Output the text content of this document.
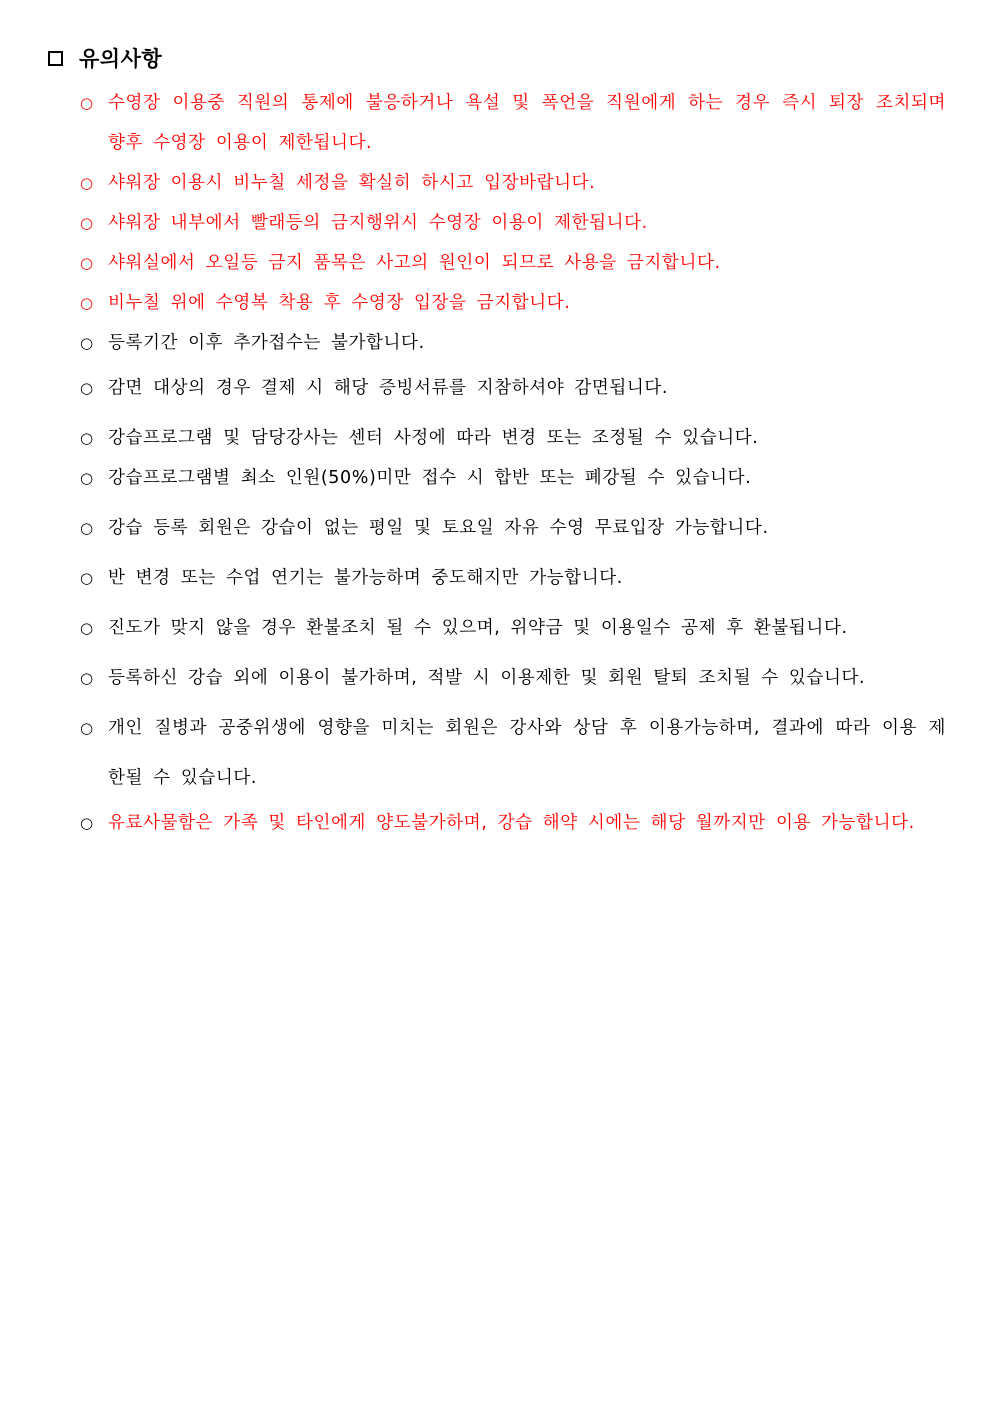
유의사항
○ 수영장 이용중 직원의 통제에 불응하거나 욕설 및 폭언을 직원에게 하는 경우 즉시 퇴장 조치되며 향후 수영장 이용이 제한됩니다.
○ 샤워장 이용시 비누칠 세정을 확실히 하시고 입장바랍니다.
○ 샤워장 내부에서 빨래등의 금지행위시 수영장 이용이 제한됩니다.
○ 샤워실에서 오일등 금지 품목은 사고의 원인이 되므로 사용을 금지합니다.
○ 비누칠 위에 수영복 착용 후 수영장 입장을 금지합니다.
○ 등록기간 이후 추가접수는 불가합니다.
○ 감면 대상의 경우 결제 시 해당 증빙서류를 지참하셔야 감면됩니다.
○ 강습프로그램 및 담당강사는 센터 사정에 따라 변경 또는 조정될 수 있습니다.
○ 강습프로그램별 최소 인원(50%)미만 접수 시 합반 또는 폐강될 수 있습니다.
○ 강습 등록 회원은 강습이 없는 평일 및 토요일 자유 수영 무료입장 가능합니다.
○ 반 변경 또는 수업 연기는 불가능하며 중도해지만 가능합니다.
○ 진도가 맞지 않을 경우 환불조치 될 수 있으며, 위약금 및 이용일수 공제 후 환불됩니다.
○ 등록하신 강습 외에 이용이 불가하며, 적발 시 이용제한 및 회원 탈퇴 조치될 수 있습니다.
○ 개인 질병과 공중위생에 영향을 미치는 회원은 강사와 상담 후 이용가능하며, 결과에 따라 이용 제한될 수 있습니다.
○ 유료사물함은 가족 및 타인에게 양도불가하며, 강습 해약 시에는 해당 월까지만 이용 가능합니다.
